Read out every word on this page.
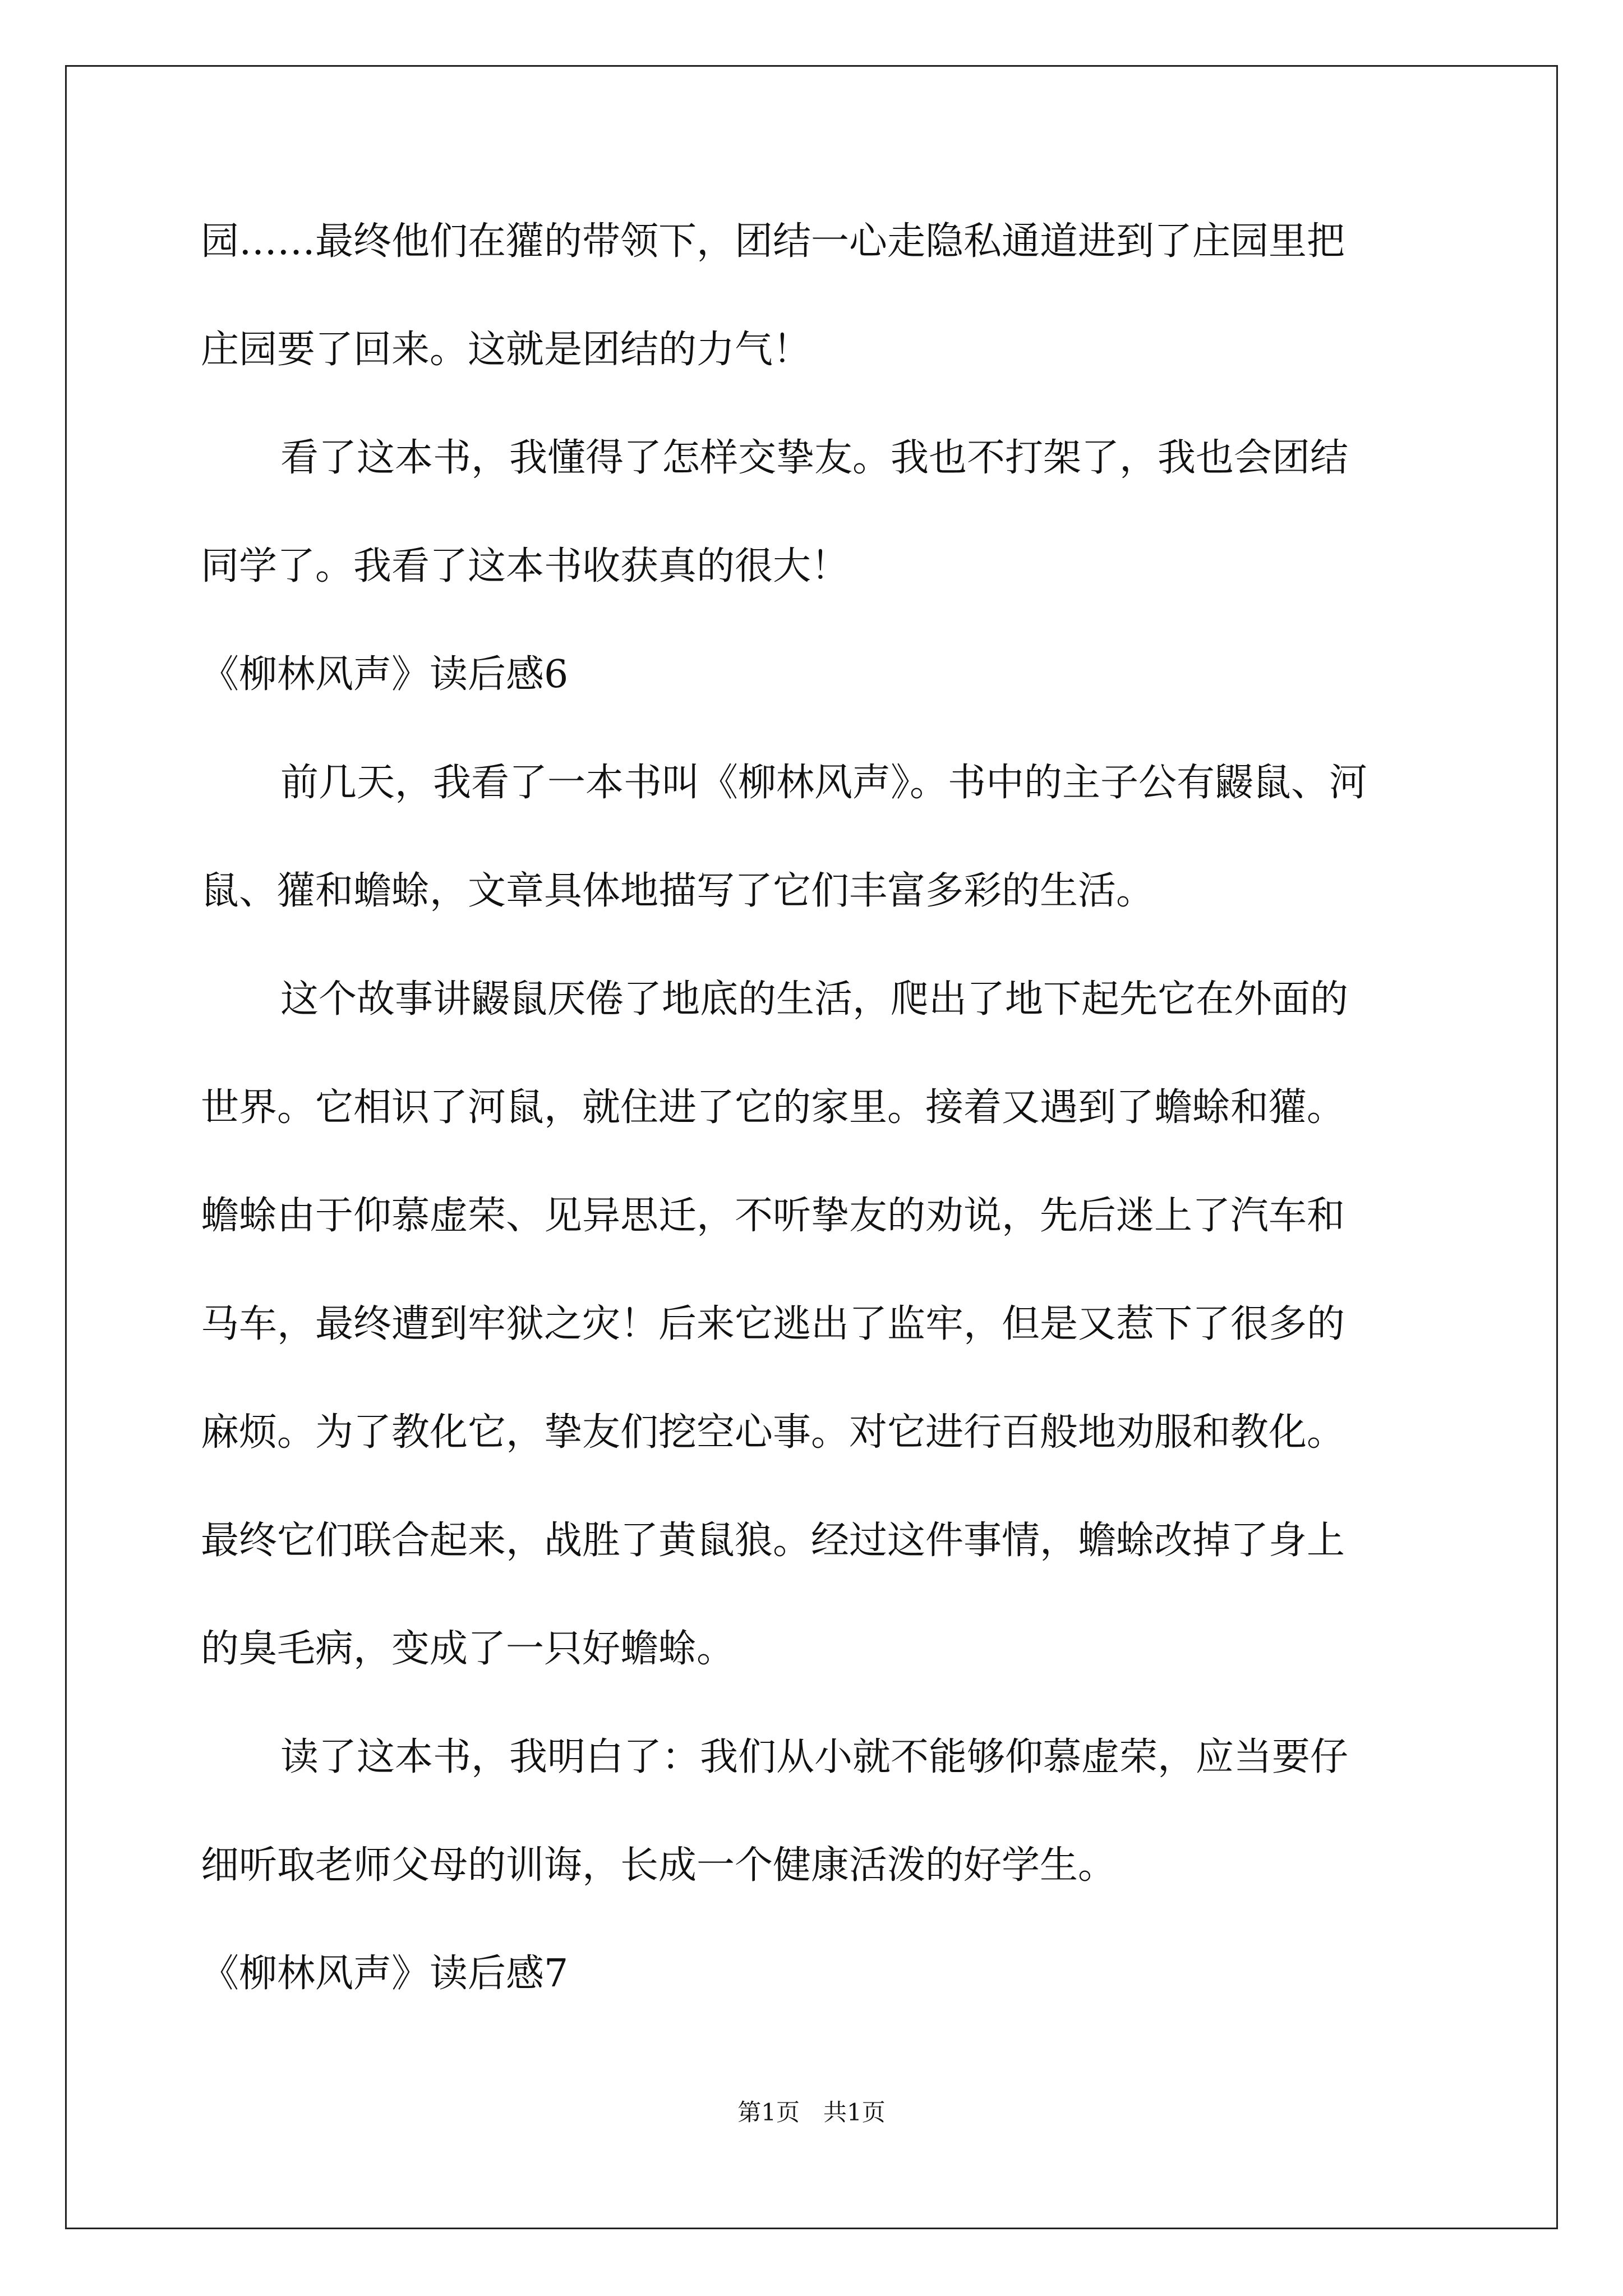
园……最终他们在獾的带领下，团结一心走隐私通道进到了庄园里把
庄园要了回来。这就是团结的力气！
看了这本书，我懂得了怎样交挚友。我也不打架了，我也会团结
同学了。我看了这本书收获真的很大！
《柳林风声》读后感6
前几天，我看了一本书叫《柳林风声》。书中的主子公有鼹鼠、河
鼠、獾和蟾蜍，文章具体地描写了它们丰富多彩的生活。
这个故事讲鼹鼠厌倦了地底的生活，爬出了地下起先它在外面的
世界。它相识了河鼠，就住进了它的家里。接着又遇到了蟾蜍和獾。
蟾蜍由于仰慕虚荣、见异思迁，不听挚友的劝说，先后迷上了汽车和
马车，最终遭到牢狱之灾！后来它逃出了监牢，但是又惹下了很多的
麻烦。为了教化它，挚友们挖空心事。对它进行百般地劝服和教化。
最终它们联合起来，战胜了黄鼠狼。经过这件事情，蟾蜍改掉了身上
的臭毛病，变成了一只好蟾蜍。
读了这本书，我明白了：我们从小就不能够仰慕虚荣，应当要仔
细听取老师父母的训诲，长成一个健康活泼的好学生。
《柳林风声》读后感7
第1页　共1页
